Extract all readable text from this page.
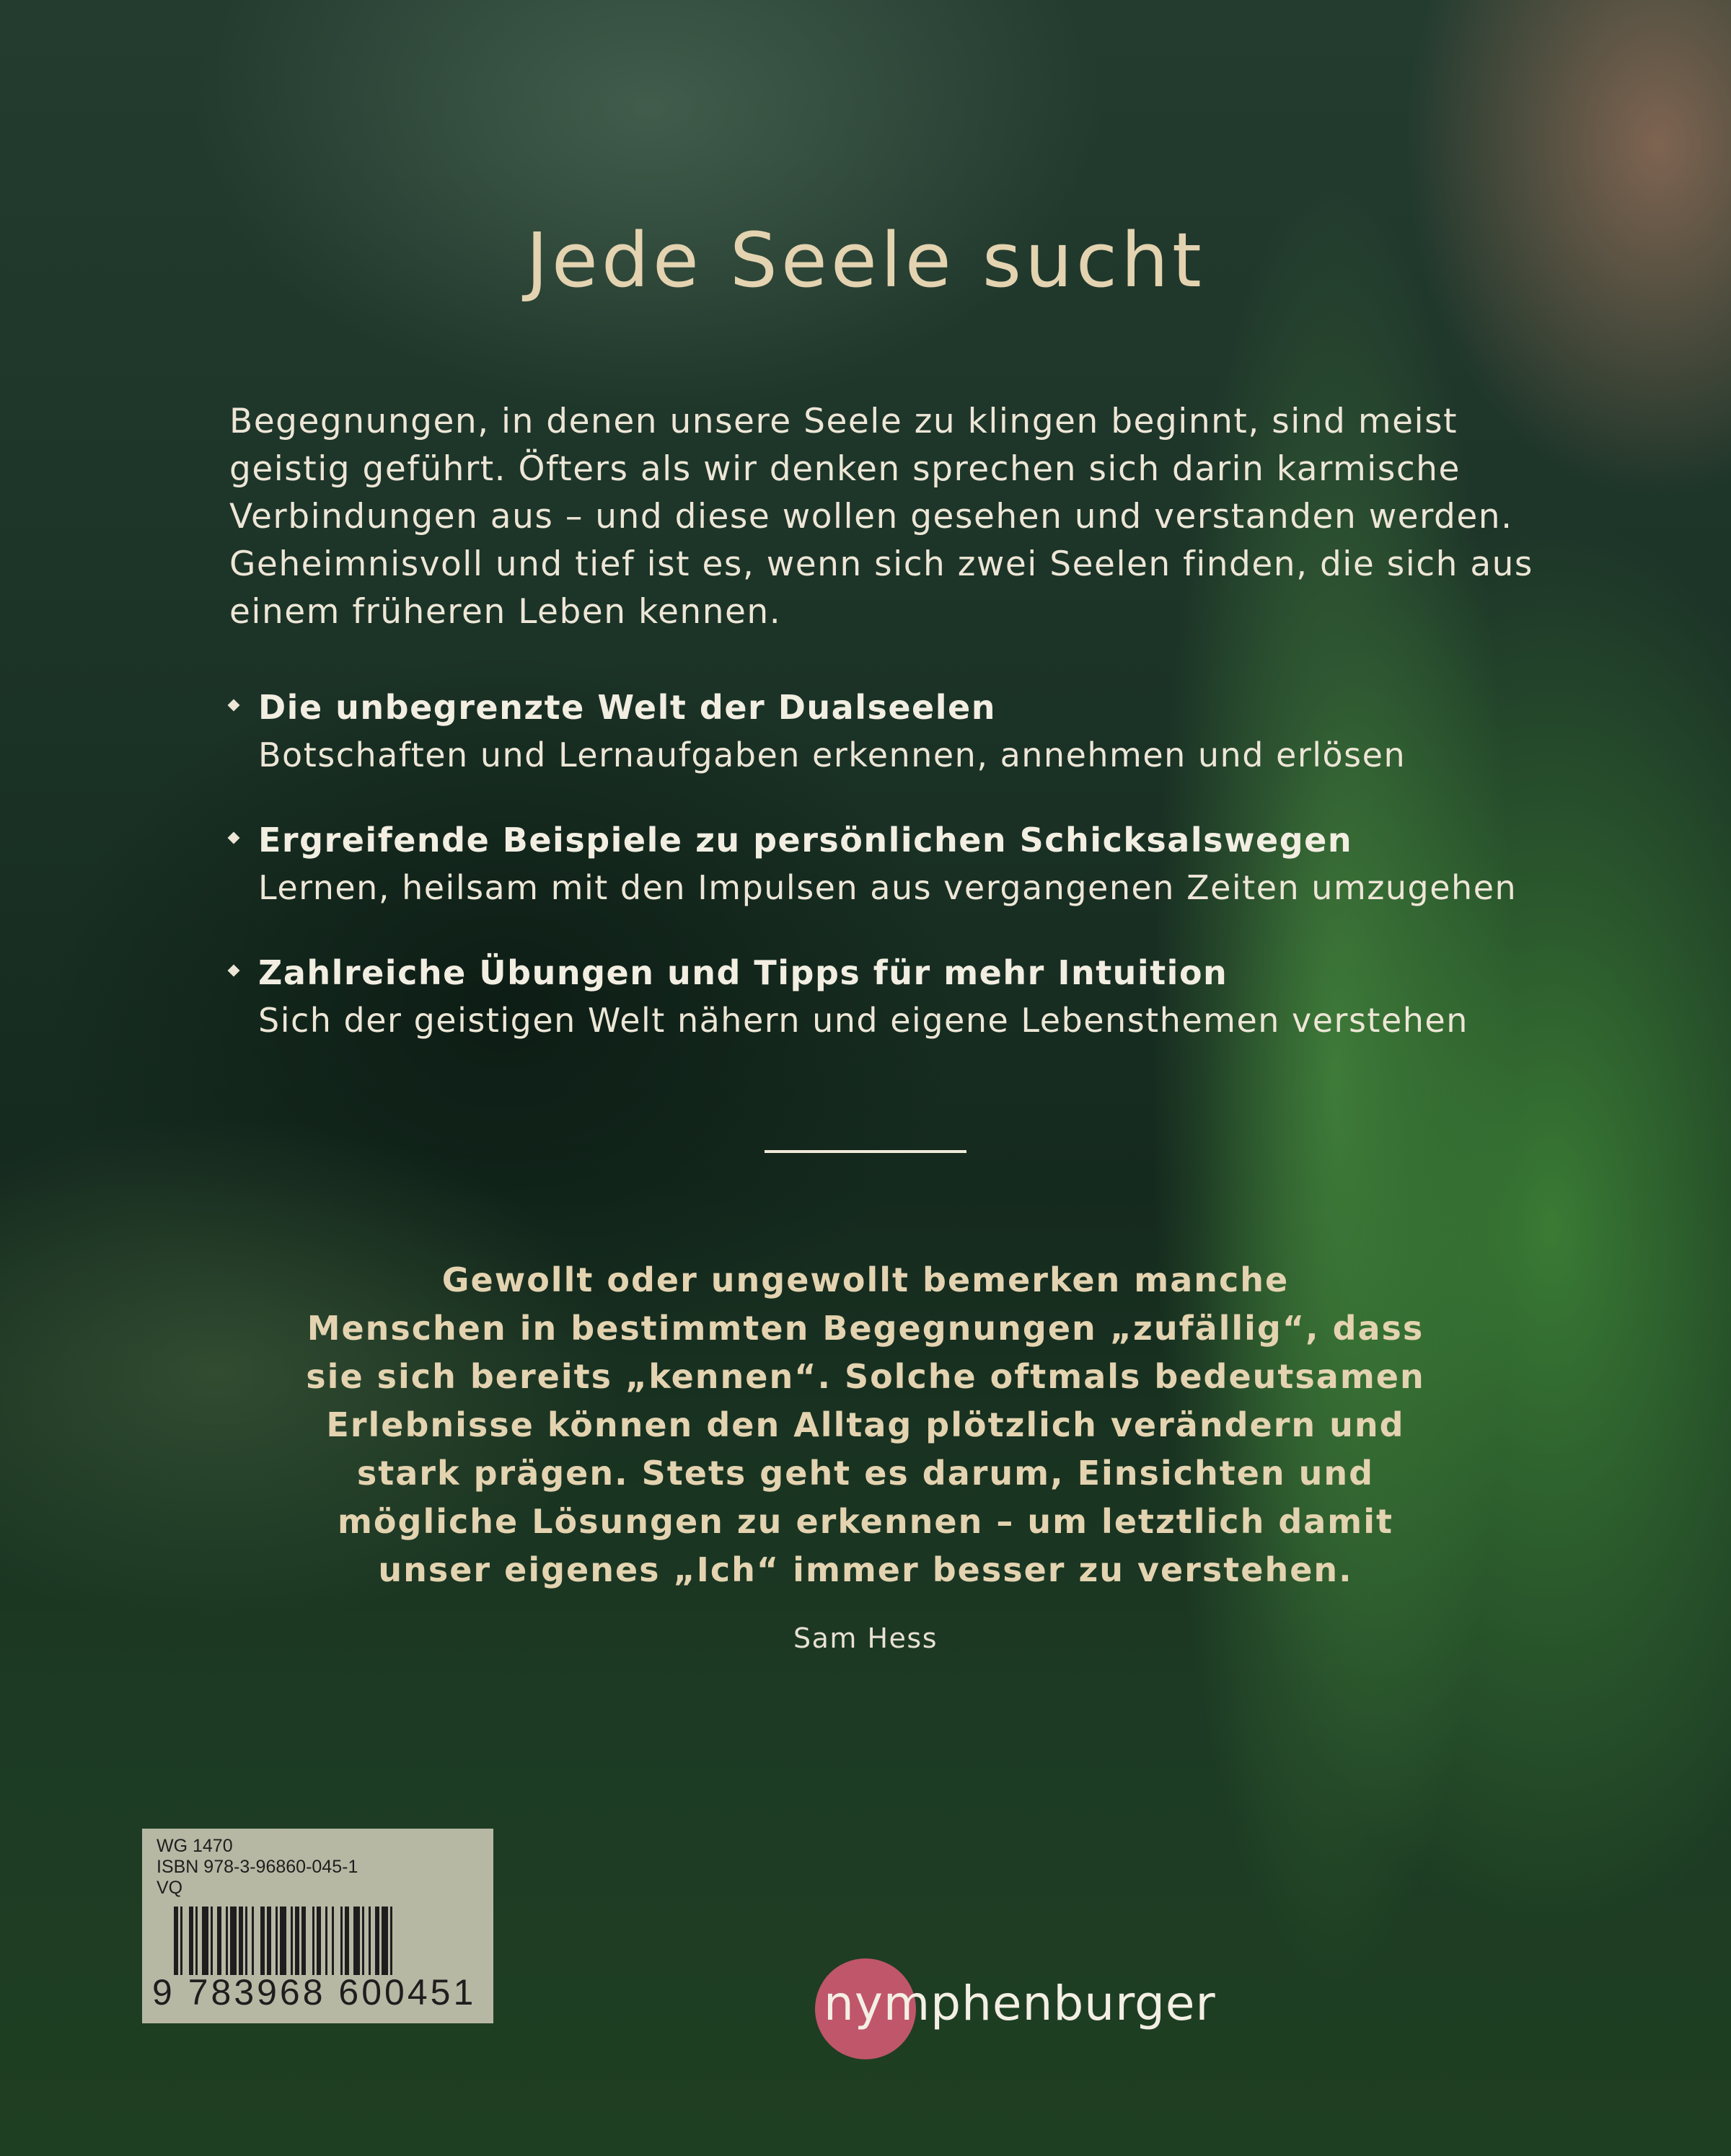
Jede Seele sucht
Begegnungen, in denen unsere Seele zu klingen beginnt, sind meist geistig geführt. Öfters als wir denken sprechen sich darin karmische Verbindungen aus – und diese wollen gesehen und verstanden werden. Geheimnisvoll und tief ist es, wenn sich zwei Seelen finden, die sich aus einem früheren Leben kennen.
Die unbegrenzte Welt der Dualseelen
Botschaften und Lernaufgaben erkennen, annehmen und erlösen
Ergreifende Beispiele zu persönlichen Schicksalswegen
Lernen, heilsam mit den Impulsen aus vergangenen Zeiten umzugehen
Zahlreiche Übungen und Tipps für mehr Intuition
Sich der geistigen Welt nähern und eigene Lebensthemen verstehen
Gewollt oder ungewollt bemerken manche
Menschen in bestimmten Begegnungen „zufällig“, dass
sie sich bereits „kennen“. Solche oftmals bedeutsamen
Erlebnisse können den Alltag plötzlich verändern und
stark prägen. Stets geht es darum, Einsichten und
mögliche Lösungen zu erkennen – um letztlich damit
unser eigenes „Ich“ immer besser zu verstehen.
Sam Hess
WG 1470
ISBN 978-3-96860-045-1
VQ
9 783968 600451	nymphenburger
